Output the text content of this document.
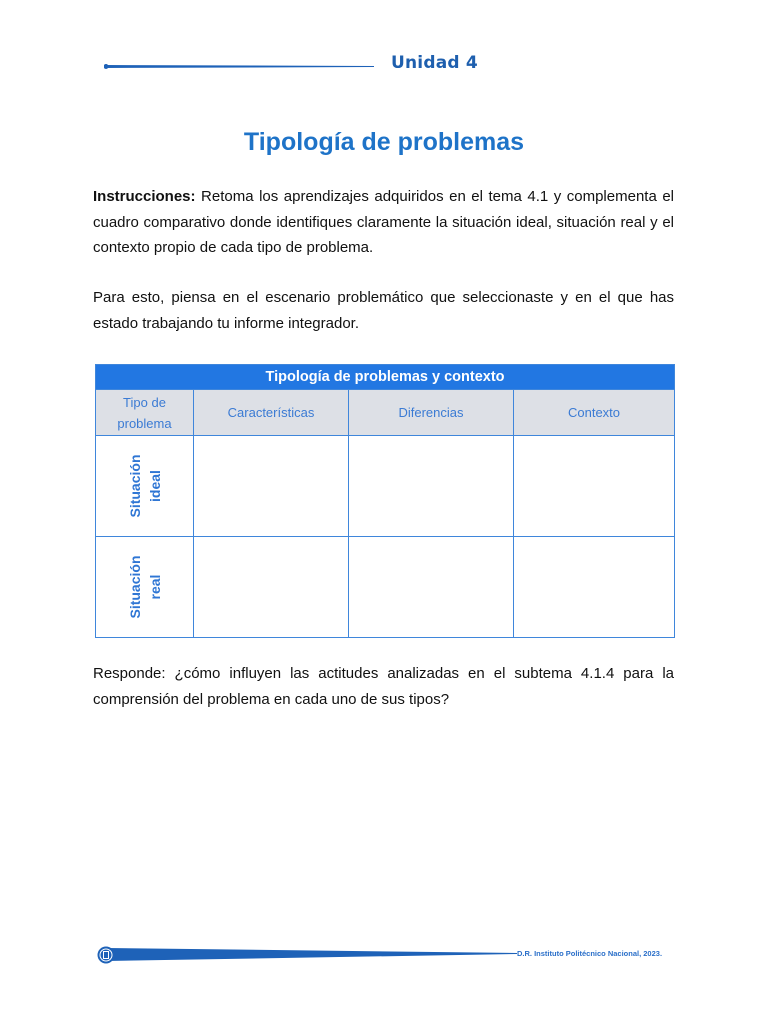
Unidad 4
Tipología de problemas

Instrucciones: Retoma los aprendizajes adquiridos en el tema 4.1 y complementa el cuadro comparativo donde identifiques claramente la situación ideal, situación real y el contexto propio de cada tipo de problema.

Para esto, piensa en el escenario problemático que seleccionaste y en el que has estado trabajando tu informe integrador.

Tipología de problemas y contexto			
Tipo de problema	Características	Diferencias	Contexto

Situación ideal			

Situación real			

Responde: ¿cómo influyen las actitudes analizadas en el subtema 4.1.4 para la comprensión del problema en cada uno de sus tipos?

D.R. Instituto Politécnico Nacional, 2023.
